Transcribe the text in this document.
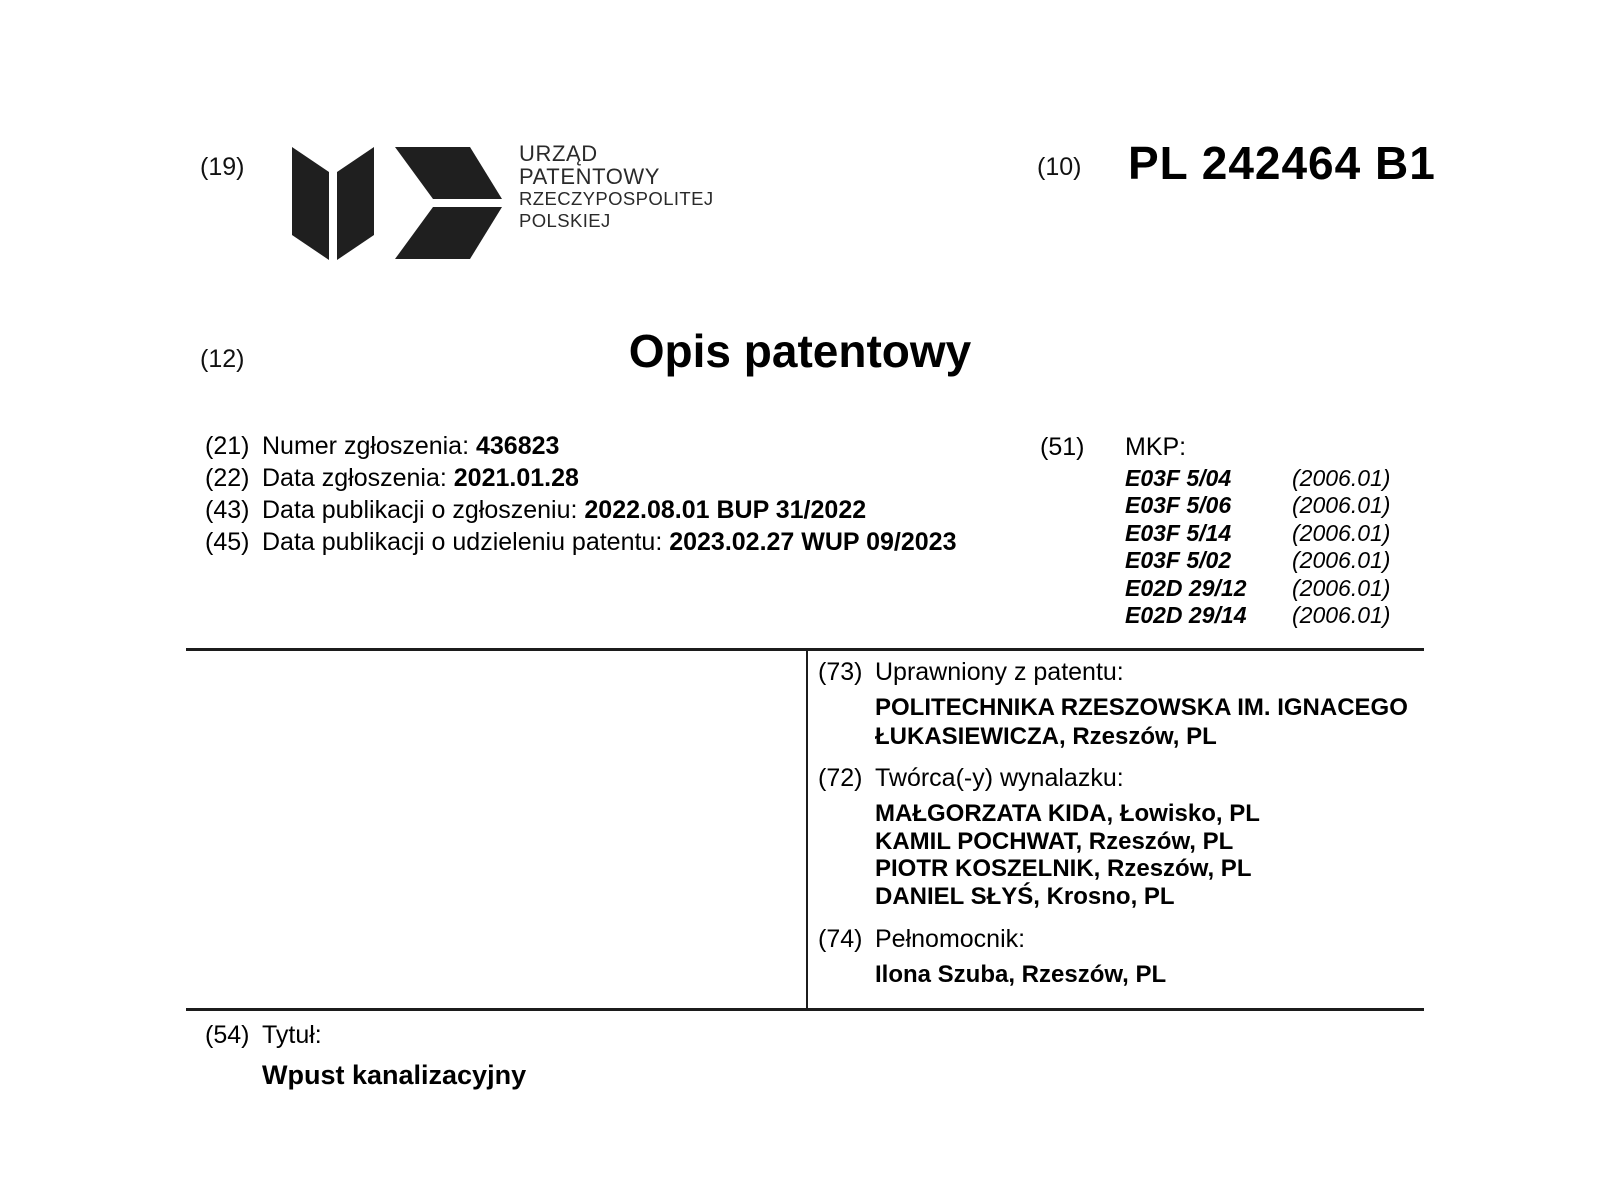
(19)	URZĄD
PATENTOWY
RZECZYPOSPOLITEJ
POLSKIEJ
(10) PL 242464 B1
(12)	Opis patentowy
(21) Numer zgłoszenia: 436823
(22) Data zgłoszenia: 2021.01.28
(43) Data publikacji o zgłoszeniu: 2022.08.01 BUP 31/2022
(45) Data publikacji o udzieleniu patentu: 2023.02.27 WUP 09/2023
(51)	MKP:
E03F 5/04	(2006.01)
E03F 5/06	(2006.01)
E03F 5/14	(2006.01)
E03F 5/02	(2006.01)
E02D 29/12	(2006.01)
E02D 29/14	(2006.01)
(73) Uprawniony z patentu:
POLITECHNIKA RZESZOWSKA IM. IGNACEGO
ŁUKASIEWICZA, Rzeszów, PL
(72) Twórca(-y) wynalazku:
MAŁGORZATA KIDA, Łowisko, PL
KAMIL POCHWAT, Rzeszów, PL
PIOTR KOSZELNIK, Rzeszów, PL
DANIEL SŁYŚ, Krosno, PL
(74) Pełnomocnik:
Ilona Szuba, Rzeszów, PL
(54) Tytuł:
Wpust kanalizacyjny
